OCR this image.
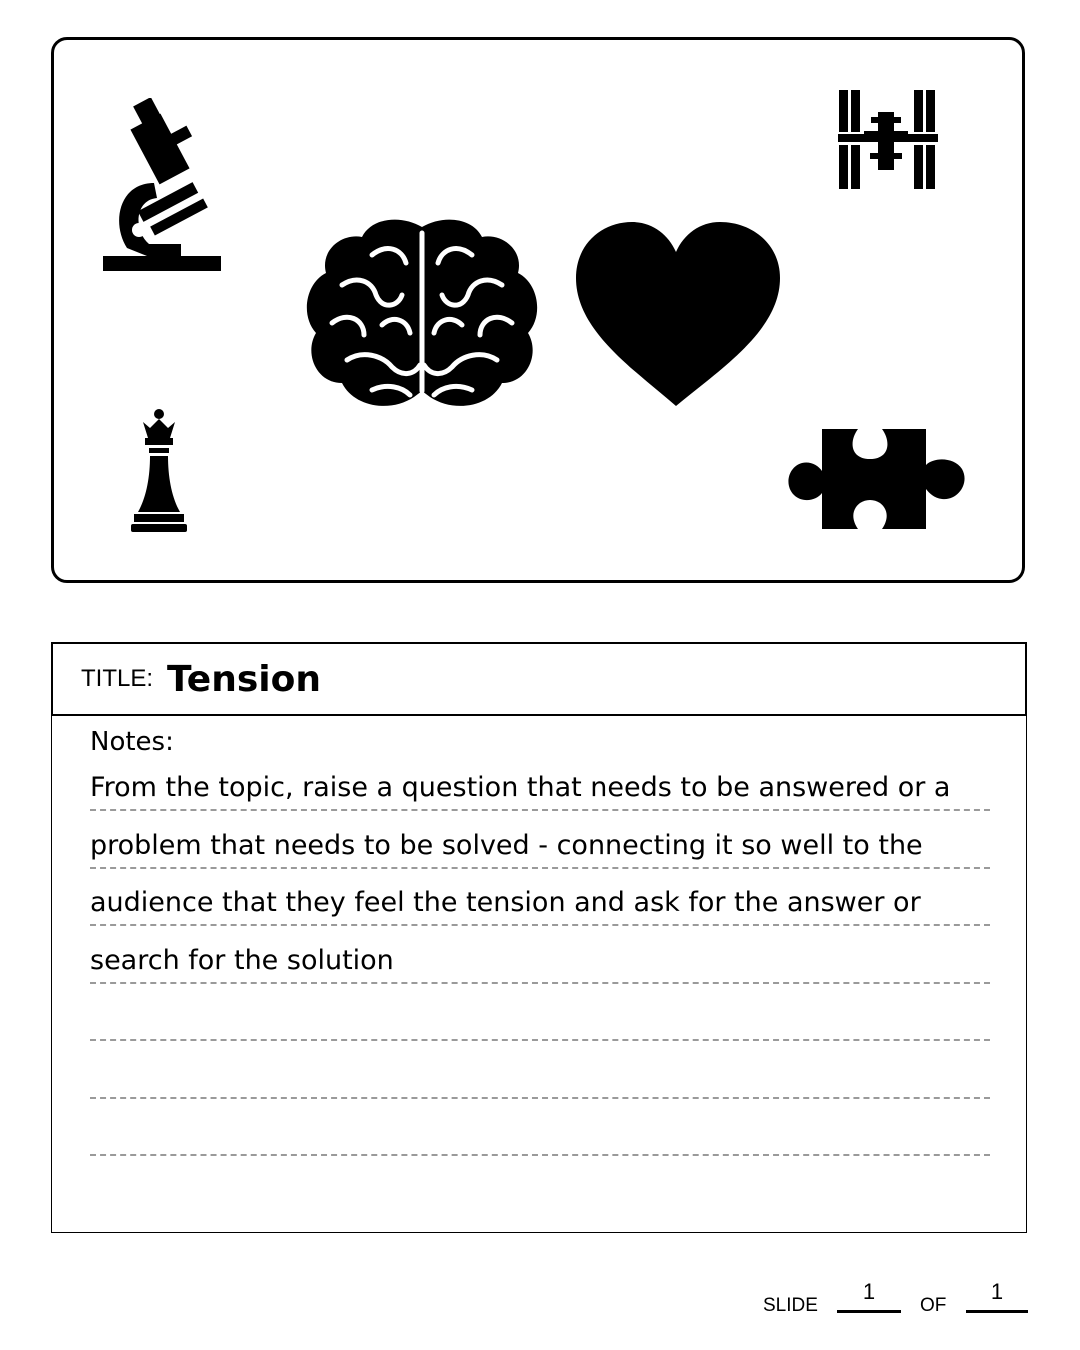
TITLE: Tension
Notes:
From the topic, raise a question that needs to be answered or a
problem that needs to be solved - connecting it so well to the
audience that they feel the tension and ask for the answer or
search for the solution
SLIDE
1
OF
1
